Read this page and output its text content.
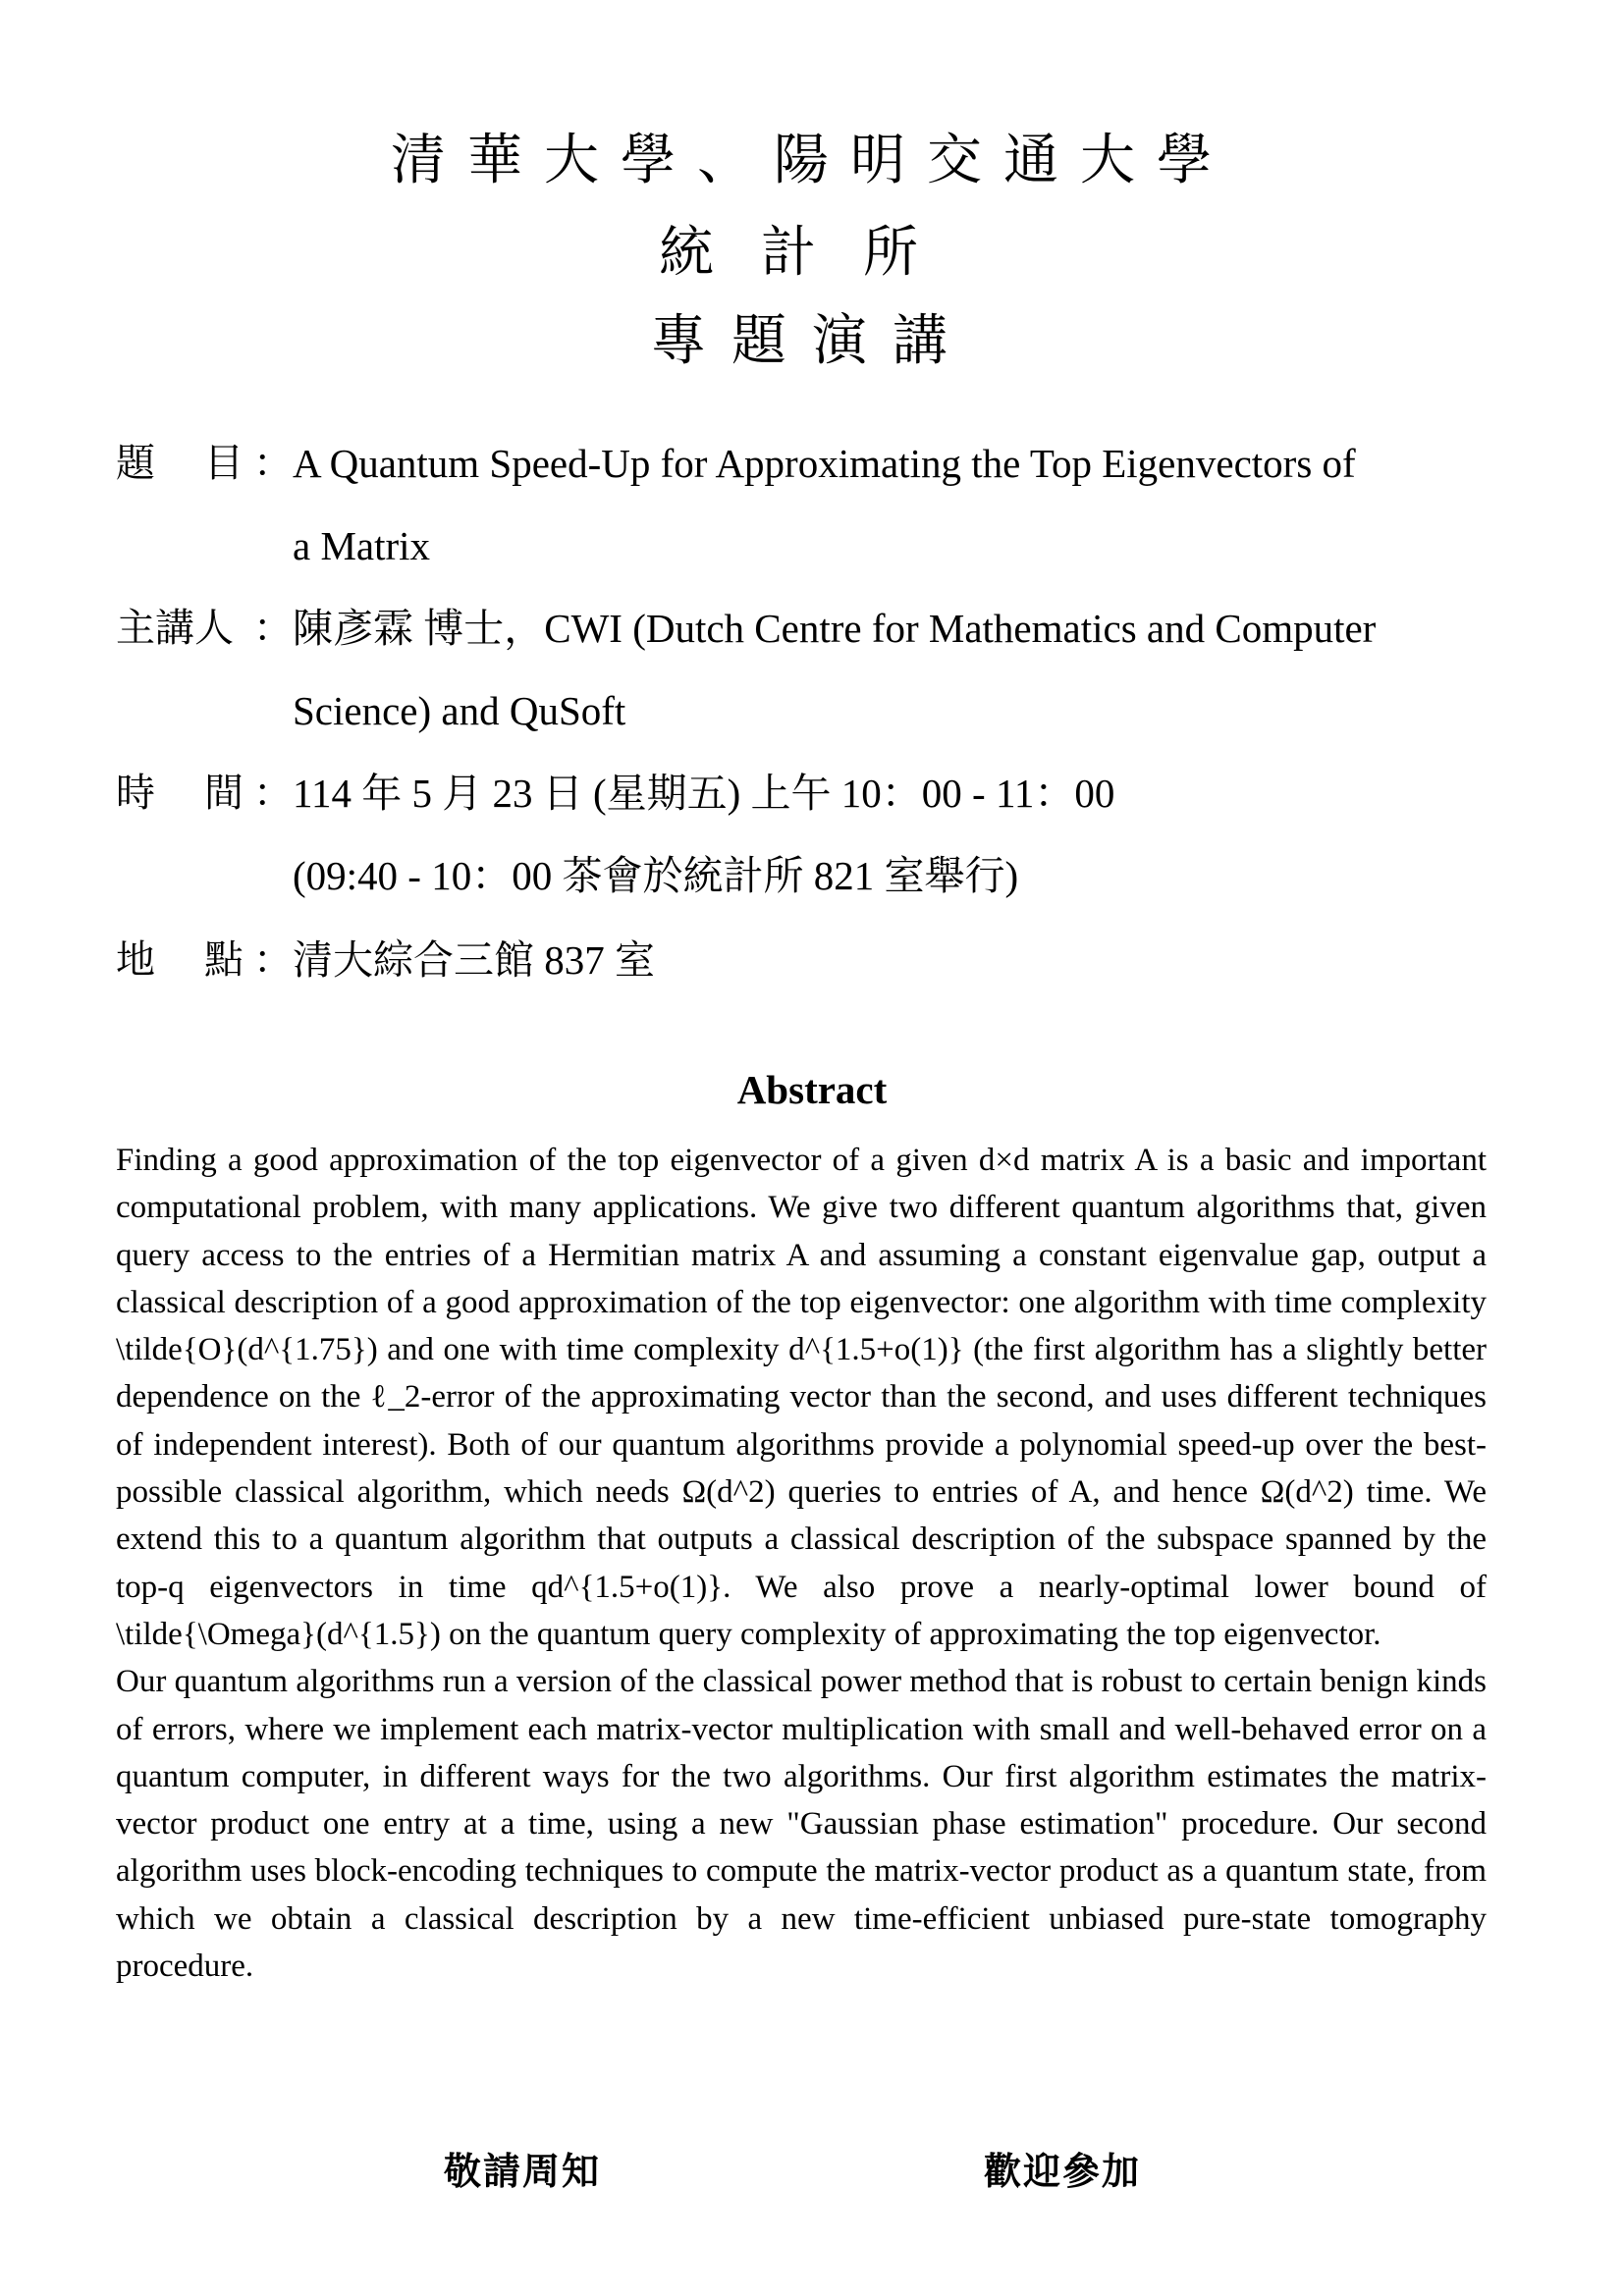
清華大學、陽明交通大學
統計所
專題演講
題 目 ： A Quantum Speed-Up for Approximating the Top Eigenvectors of
a Matrix
主講人 ： 陳彥霖 博士，CWI (Dutch Centre for Mathematics and Computer
Science) and QuSoft
時 間 ： 114 年 5 月 23 日 (星期五) 上午 10：00 - 11：00
(09:40 - 10：00 茶會於統計所 821 室舉行)
地 點 ： 清大綜合三館 837 室
Abstract

Finding a good approximation of the top eigenvector of a given d×d matrix A is a basic and important computational problem, with many applications. We give two different quantum algorithms that, given query access to the entries of a Hermitian matrix A and assuming a constant eigenvalue gap, output a classical description of a good approximation of the top eigenvector: one algorithm with time complexity \tilde{O}(d^{1.75}) and one with time complexity d^{1.5+o(1)} (the first algorithm has a slightly better dependence on the ℓ_2-error of the approximating vector than the second, and uses different techniques of independent interest). Both of our quantum algorithms provide a polynomial speed-up over the best-possible classical algorithm, which needs Ω(d^2) queries to entries of A, and hence Ω(d^2) time. We extend this to a quantum algorithm that outputs a classical description of the subspace spanned by the top-q eigenvectors in time qd^{1.5+o(1)}. We also prove a nearly-optimal lower bound of \tilde{\Omega}(d^{1.5}) on the quantum query complexity of approximating the top eigenvector.

Our quantum algorithms run a version of the classical power method that is robust to certain benign kinds of errors, where we implement each matrix-vector multiplication with small and well-behaved error on a quantum computer, in different ways for the two algorithms. Our first algorithm estimates the matrix-vector product one entry at a time, using a new "Gaussian phase estimation" procedure. Our second algorithm uses block-encoding techniques to compute the matrix-vector product as a quantum state, from which we obtain a classical description by a new time-efficient unbiased pure-state tomography procedure.

敬請周知	歡迎參加
